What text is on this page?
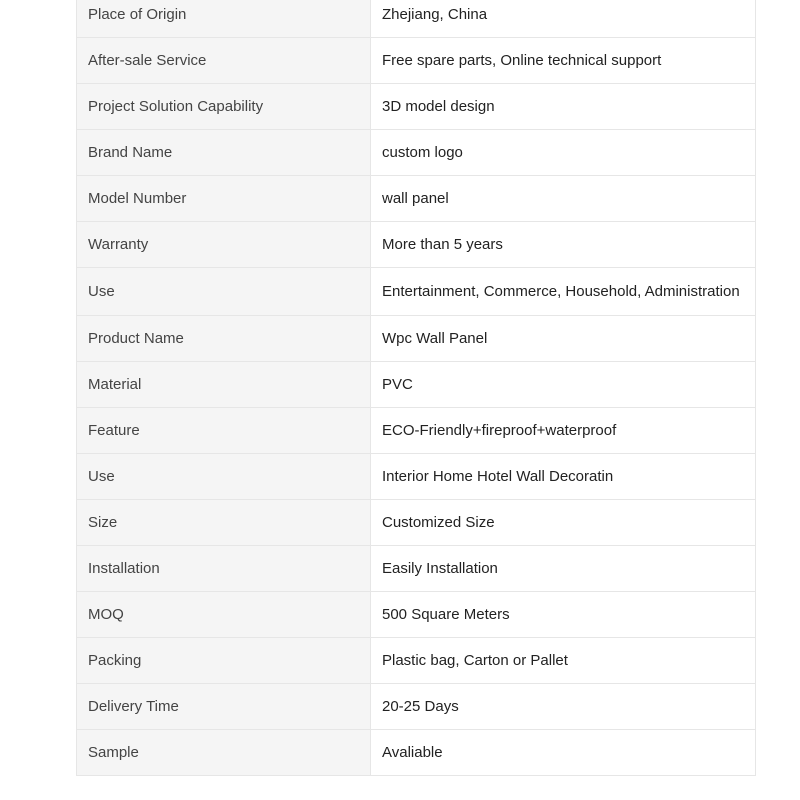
Place of Origin	Zhejiang, China
After-sale Service	Free spare parts, Online technical support
Project Solution Capability	3D model design
Brand Name	custom logo
Model Number	wall panel
Warranty	More than 5 years
Use	Entertainment, Commerce, Household, Administration
Product Name	Wpc Wall Panel
Material	PVC
Feature	ECO-Friendly+fireproof+waterproof
Use	Interior Home Hotel Wall Decoratin
Size	Customized Size
Installation	Easily Installation
MOQ	500 Square Meters
Packing	Plastic bag, Carton or Pallet
Delivery Time	20-25 Days
Sample	Avaliable
